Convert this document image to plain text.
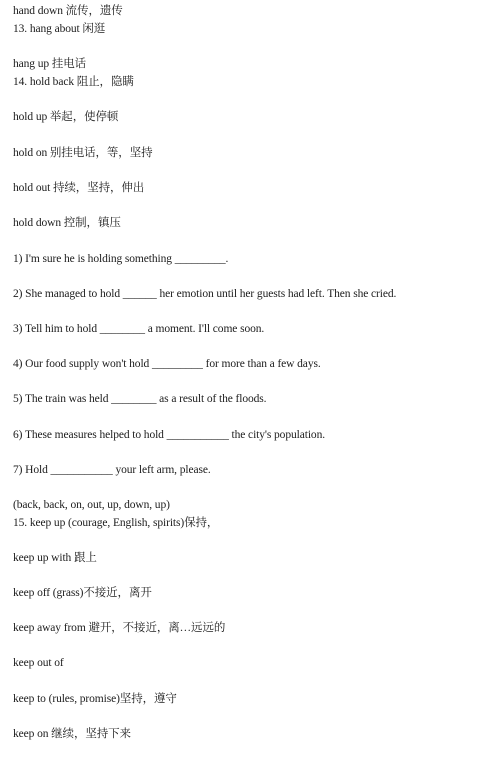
hand down 流传，遗传
13. hang about 闲逛
hang up 挂电话
14. hold back 阻止，隐瞒
hold up 举起，使停顿
hold on 别挂电话，等，坚持
hold out 持续，坚持，伸出
hold down 控制，镇压
1) I'm sure he is holding something _________.
2) She managed to hold ______ her emotion until her guests had left. Then she cried.
3) Tell him to hold ________ a moment. I'll come soon.
4) Our food supply won't hold _________ for more than a few days.
5) The train was held ________ as a result of the floods.
6) These measures helped to hold ___________ the city's population.
7) Hold ___________ your left arm, please.
(back, back, on, out, up, down, up)
15. keep up (courage, English, spirits)保持，
keep up with 跟上
keep off (grass)不接近，离开
keep away from 避开，不接近，离…远远的
keep out of
keep to (rules, promise)坚持，遵守
keep on 继续，坚持下来
